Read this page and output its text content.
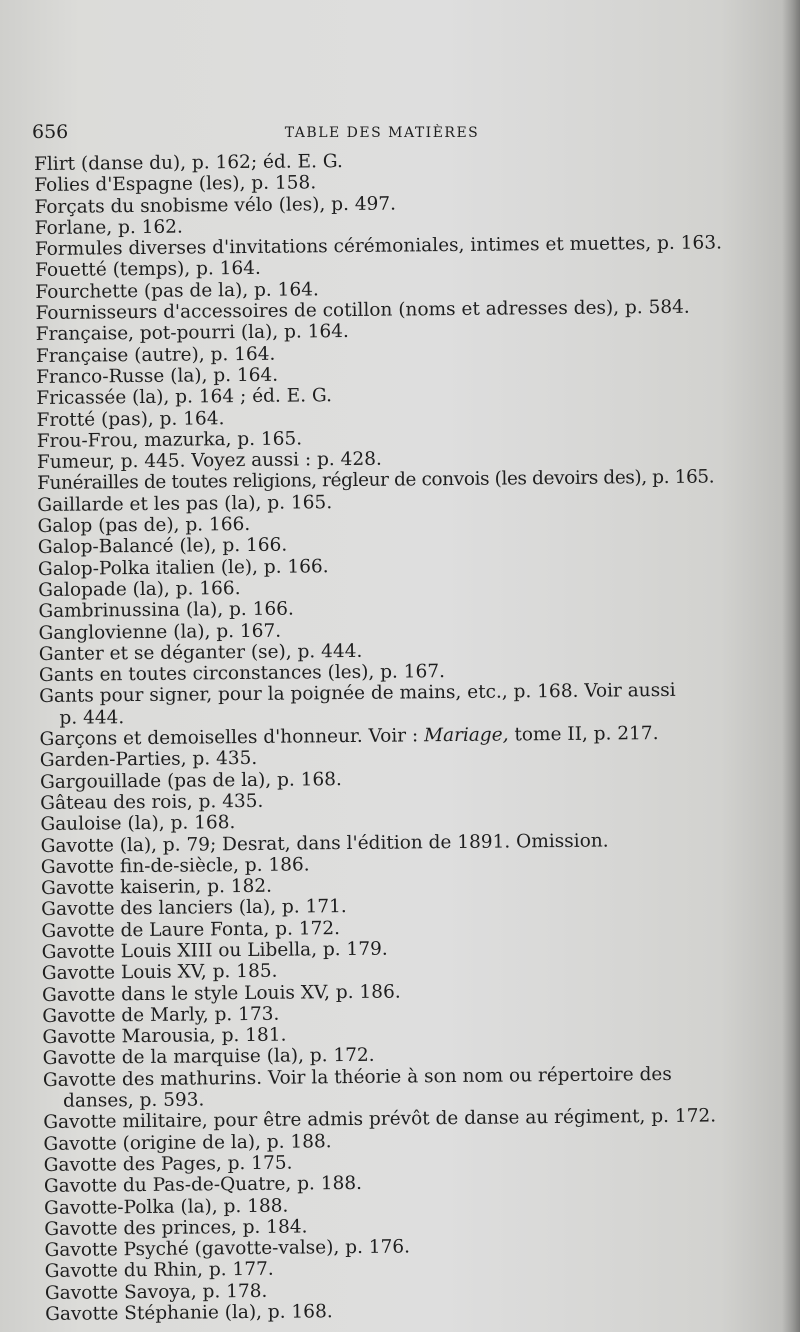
656	TABLE DES MATIÈRES
Flirt (danse du), p. 162; éd. E. G.
Folies d'Espagne (les), p. 158.
Forçats du snobisme vélo (les), p. 497.
Forlane, p. 162.
Formules diverses d'invitations cérémoniales, intimes et muettes, p. 163.
Fouetté (temps), p. 164.
Fourchette (pas de la), p. 164.
Fournisseurs d'accessoires de cotillon (noms et adresses des), p. 584.
Française, pot-pourri (la), p. 164.
Française (autre), p. 164.
Franco-Russe (la), p. 164.
Fricassée (la), p. 164 ; éd. E. G.
Frotté (pas), p. 164.
Frou-Frou, mazurka, p. 165.
Fumeur, p. 445. Voyez aussi : p. 428.
Funérailles de toutes religions, régleur de convois (les devoirs des), p. 165.
Gaillarde et les pas (la), p. 165.
Galop (pas de), p. 166.
Galop-Balancé (le), p. 166.
Galop-Polka italien (le), p. 166.
Galopade (la), p. 166.
Gambrinussina (la), p. 166.
Ganglovienne (la), p. 167.
Ganter et se déganter (se), p. 444.
Gants en toutes circonstances (les), p. 167.
Gants pour signer, pour la poignée de mains, etc., p. 168. Voir aussi
p. 444.
Garçons et demoiselles d'honneur. Voir : Mariage, tome II, p. 217.
Garden-Parties, p. 435.
Gargouillade (pas de la), p. 168.
Gâteau des rois, p. 435.
Gauloise (la), p. 168.
Gavotte (la), p. 79; Desrat, dans l'édition de 1891. Omission.
Gavotte fin-de-siècle, p. 186.
Gavotte kaiserin, p. 182.
Gavotte des lanciers (la), p. 171.
Gavotte de Laure Fonta, p. 172.
Gavotte Louis XIII ou Libella, p. 179.
Gavotte Louis XV, p. 185.
Gavotte dans le style Louis XV, p. 186.
Gavotte de Marly, p. 173.
Gavotte Marousia, p. 181.
Gavotte de la marquise (la), p. 172.
Gavotte des mathurins. Voir la théorie à son nom ou répertoire des
danses, p. 593.
Gavotte militaire, pour être admis prévôt de danse au régiment, p. 172.
Gavotte (origine de la), p. 188.
Gavotte des Pages, p. 175.
Gavotte du Pas-de-Quatre, p. 188.
Gavotte-Polka (la), p. 188.
Gavotte des princes, p. 184.
Gavotte Psyché (gavotte-valse), p. 176.
Gavotte du Rhin, p. 177.
Gavotte Savoya, p. 178.
Gavotte Stéphanie (la), p. 168.
